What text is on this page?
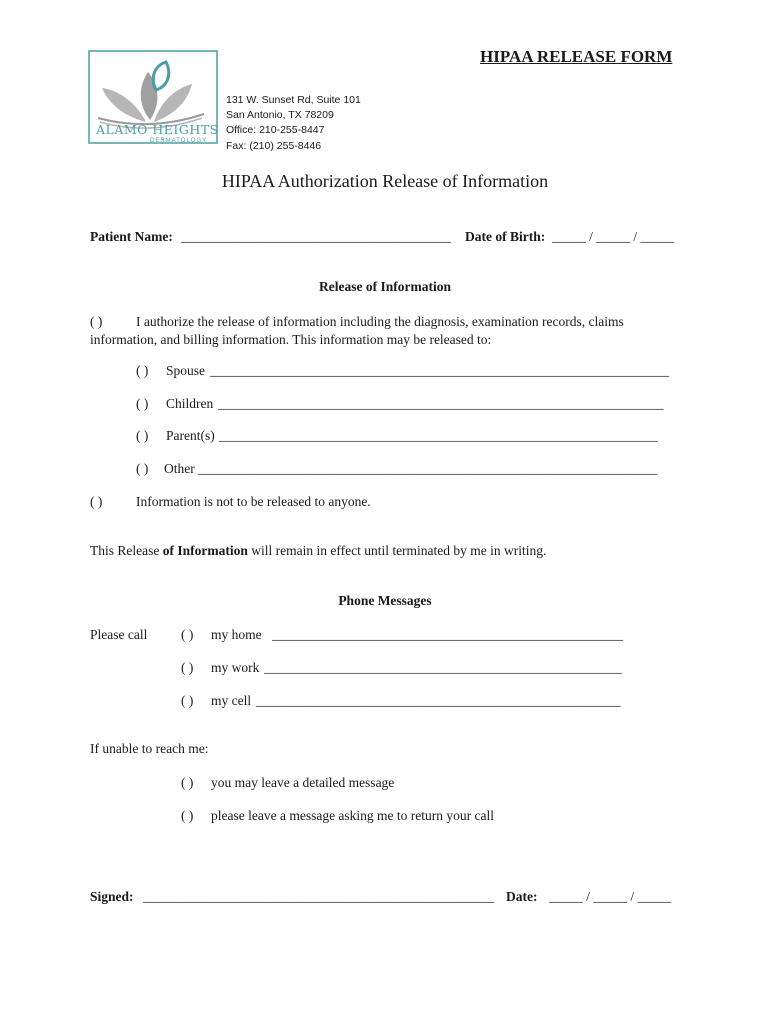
HIPAA RELEASE FORM
ALAMO HEIGHTS
DERMATOLOGY
131 W. Sunset Rd, Suite 101
San Antonio, TX 78209
Office: 210-255-8447
Fax: (210) 255-8446
HIPAA Authorization Release of Information
Patient Name: ________________________________________ Date of Birth: _____ / _____ / _____
Release of Information
( ) I authorize the release of information including the diagnosis, examination records, claims
information, and billing information. This information may be released to:
( ) Spouse ____________________________________________________________________
( ) Children __________________________________________________________________
( ) Parent(s) _________________________________________________________________
( ) Other ____________________________________________________________________
( ) Information is not to be released to anyone.
This Release of Information will remain in effect until terminated by me in writing.
Phone Messages
Please call ( ) my home ____________________________________________________
( ) my work _____________________________________________________
( ) my cell ______________________________________________________
If unable to reach me:
( ) you may leave a detailed message
( ) please leave a message asking me to return your call
Signed: ____________________________________________________ Date: _____ / _____ / _____
